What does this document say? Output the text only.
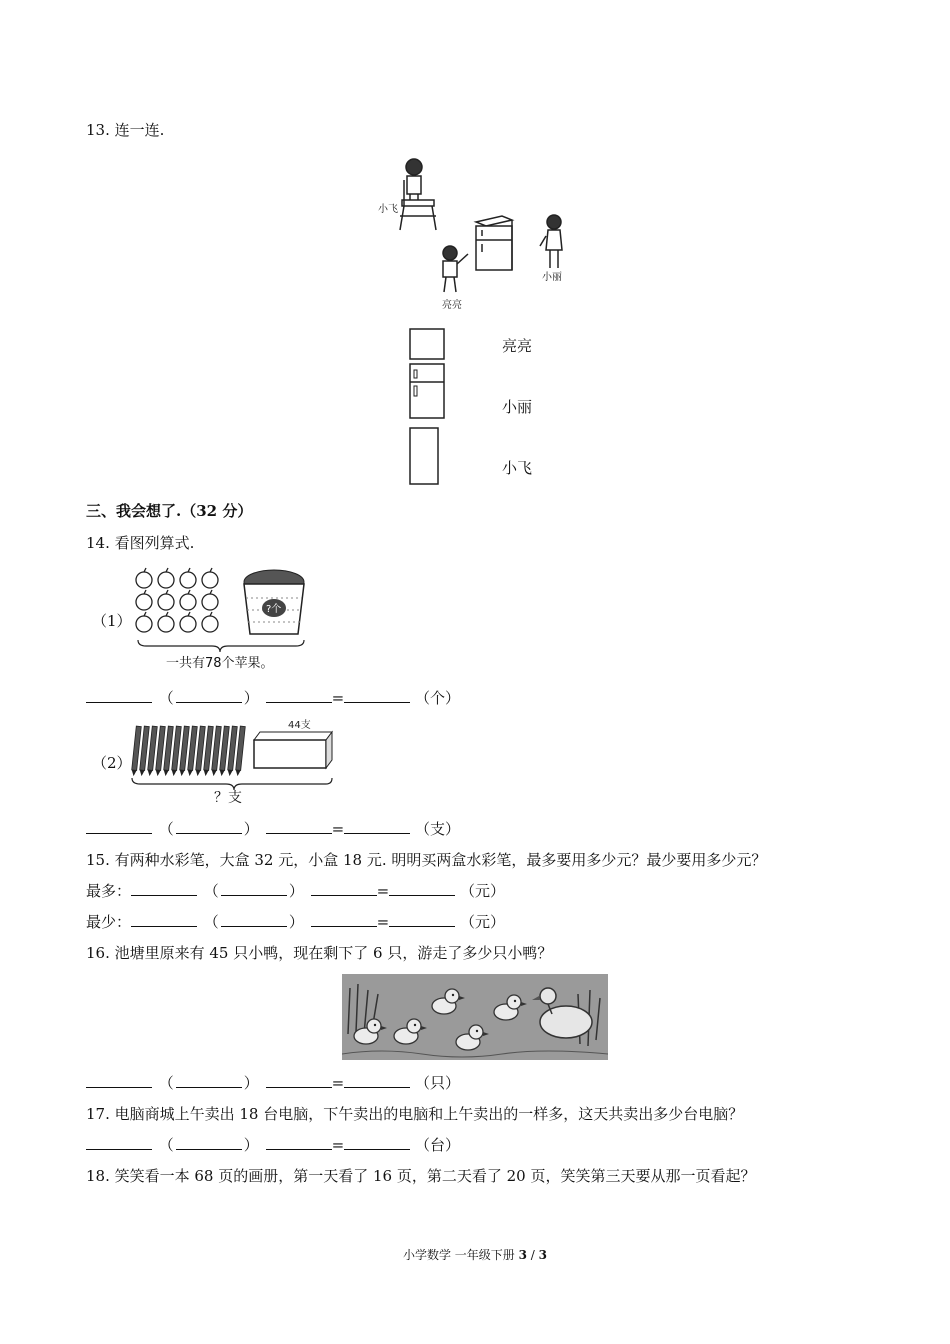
13. 连一连.
小飞
小丽
亮亮
亮亮
小丽
小飞
三、我会想了.（32 分）
14. 看图列算式.
（1）
?个
一共有78个苹果。
（	）	=	（个）
（2）
44支
？支
（	）	=	（支）
15. 有两种水彩笔，大盒 32 元，小盒 18 元. 明明买两盒水彩笔，最多要用多少元？最少要用多少元？
最多：	（	）	=	（元）
最少：	（	）	=	（元）
16. 池塘里原来有 45 只小鸭，现在剩下了 6 只，游走了多少只小鸭？
（	）	=	（只）
17. 电脑商城上午卖出 18 台电脑，下午卖出的电脑和上午卖出的一样多，这天共卖出多少台电脑？
（	）	=	（台）
18. 笑笑看一本 68 页的画册，第一天看了 16 页，第二天看了 20 页，笑笑第三天要从那一页看起？
小学数学 一年级下册 3 / 3
